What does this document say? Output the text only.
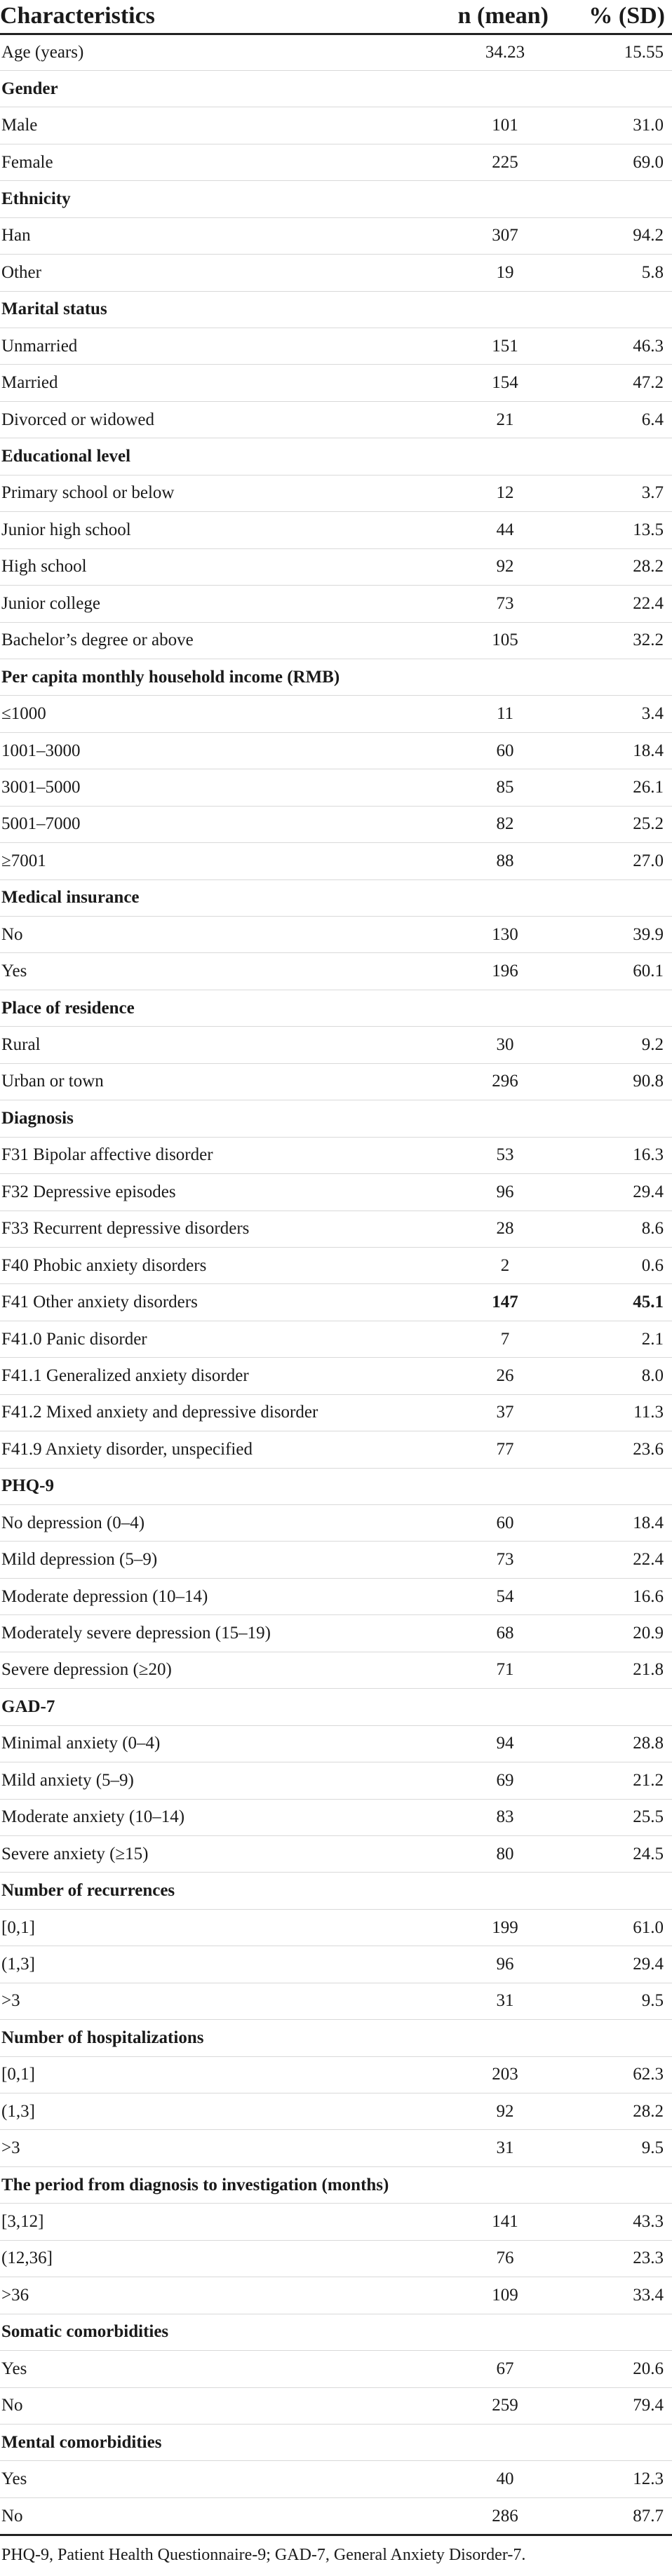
Characteristics	n (mean)	% (SD)
Age (years)	34.23	15.55
Gender		
Male	101	31.0
Female	225	69.0
Ethnicity		
Han	307	94.2
Other	19	5.8
Marital status		
Unmarried	151	46.3
Married	154	47.2
Divorced or widowed	21	6.4
Educational level		
Primary school or below	12	3.7
Junior high school	44	13.5
High school	92	28.2
Junior college	73	22.4
Bachelor’s degree or above	105	32.2
Per capita monthly household income (RMB)		
≤1000	11	3.4
1001–3000	60	18.4
3001–5000	85	26.1
5001–7000	82	25.2
≥7001	88	27.0
Medical insurance		
No	130	39.9
Yes	196	60.1
Place of residence		
Rural	30	9.2
Urban or town	296	90.8
Diagnosis		
F31 Bipolar affective disorder	53	16.3
F32 Depressive episodes	96	29.4
F33 Recurrent depressive disorders	28	8.6
F40 Phobic anxiety disorders	2	0.6
F41 Other anxiety disorders	147	45.1
F41.0 Panic disorder	7	2.1
F41.1 Generalized anxiety disorder	26	8.0
F41.2 Mixed anxiety and depressive disorder	37	11.3
F41.9 Anxiety disorder, unspecified	77	23.6
PHQ-9		
No depression (0–4)	60	18.4
Mild depression (5–9)	73	22.4
Moderate depression (10–14)	54	16.6
Moderately severe depression (15–19)	68	20.9
Severe depression (≥20)	71	21.8
GAD-7		
Minimal anxiety (0–4)	94	28.8
Mild anxiety (5–9)	69	21.2
Moderate anxiety (10–14)	83	25.5
Severe anxiety (≥15)	80	24.5
Number of recurrences		
[0,1]	199	61.0
(1,3]	96	29.4
>3	31	9.5
Number of hospitalizations		
[0,1]	203	62.3
(1,3]	92	28.2
>3	31	9.5
The period from diagnosis to investigation (months)		
[3,12]	141	43.3
(12,36]	76	23.3
>36	109	33.4
Somatic comorbidities		
Yes	67	20.6
No	259	79.4
Mental comorbidities		
Yes	40	12.3
No	286	87.7
PHQ-9, Patient Health Questionnaire-9; GAD-7, General Anxiety Disorder-7.
